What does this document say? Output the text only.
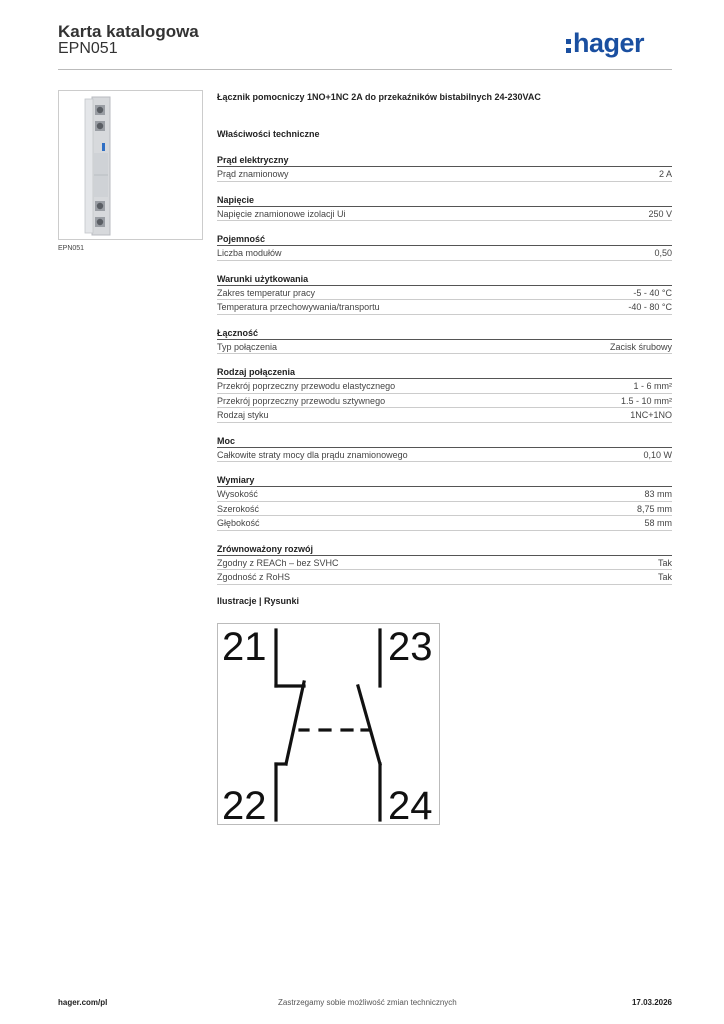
Karta katalogowa
EPN051	hager
EPN051
Łącznik pomocniczy 1NO+1NC 2A do przekaźników bistabilnych 24-230VAC
Właściwości techniczne
Prąd elektryczny
Prąd znamionowy	2 A
Napięcie
Napięcie znamionowe izolacji Ui	250 V
Pojemność
Liczba modułów	0,50
Warunki użytkowania
Zakres temperatur pracy	-5 - 40 °C
Temperatura przechowywania/transportu	-40 - 80 °C
Łączność
Typ połączenia	Zacisk śrubowy
Rodzaj połączenia
Przekrój poprzeczny przewodu elastycznego	1 - 6 mm²
Przekrój poprzeczny przewodu sztywnego	1.5 - 10 mm²
Rodzaj styku	1NC+1NO
Moc
Całkowite straty mocy dla prądu znamionowego	0,10 W
Wymiary
Wysokość	83 mm
Szerokość	8,75 mm
Głębokość	58 mm
Zrównoważony rozwój
Zgodny z REACh – bez SVHC	Tak
Zgodność z RoHS	Tak
Ilustracje | Rysunki
21	23
22	24
hager.com/pl	Zastrzegamy sobie możliwość zmian technicznych	17.03.2026
